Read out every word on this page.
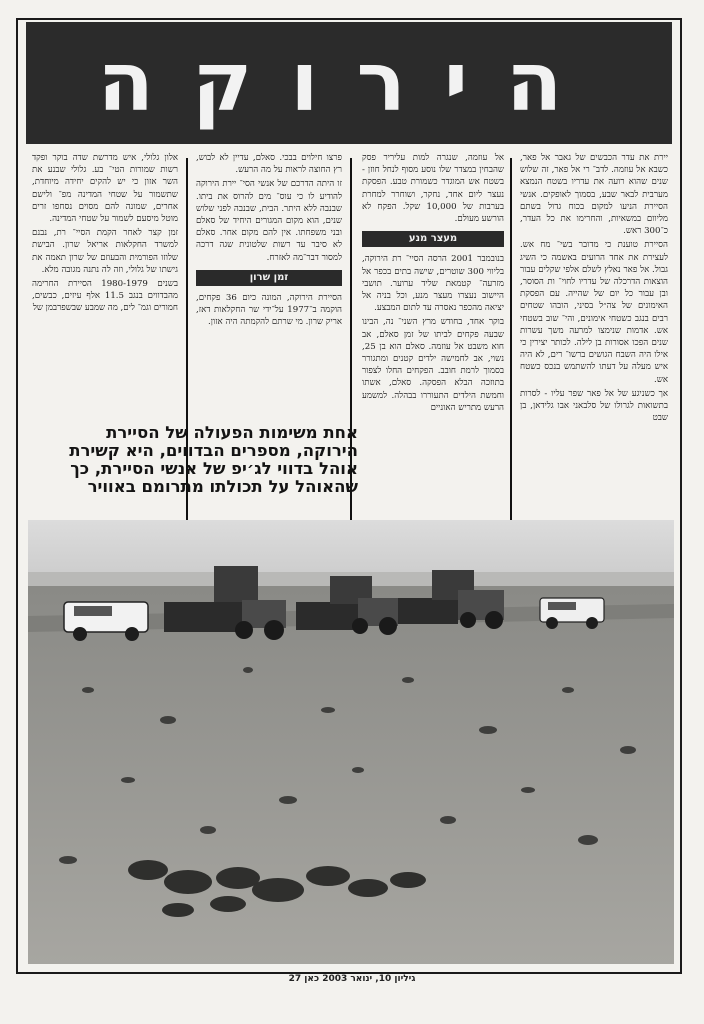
הירוקה

יירת את עדר הכבשים של גאבר אל פאר, כשבא אל עוזמה. לדב־ רי אל פאר, זה שלוש שנים שהוא רועה את עדריו בשטח הנמצא מערבית לבאר שבע, בסמוך לאופקים. אנשי הסיירת הניעו למקום בכוח גדול בשתם מליוום במשאיות, והחרימו את כל העדר, כ־300 ראש.

הסיירת טוענת כי מדובר בשי־ מח אש. לעצירת את אחד הרועים באשמה כי השיג גבול. אל פאר נאלץ לשלם אלפי שקלים עבור הוצאות הדרכלה של עדריו לחוי־ ות הסוסר, ובן עבור כל יום של שהייה. עם הפסקת האימונים של צה״ל בסיני, הובהו שטחים רבים בנגב כשטחי אימונים, והי־ שוב בשטחי אש. אדמות שנימצו למרעה משך עשרות שנים הפכו אסורות בן לילה. לכותר יצירין כי אילו היה השבח הגושים ברשו־ רים, לא היה איש מעלה על דעתו להשתמש בנכס כשטח אש.

אך כשניגע של אל פאר שפר עליו - לסרות בתשואות לגרולו של סלבאני אבו גלידאן, בן שבט

אל עוזמה, שנגרה למות עליריר פסק שהבחין במצדר שלו נוסע מסוף לנחל חוזן - בשטח אש המוגדר כשמורת טבע. הפסקת נעצר ליום אחד, נחקר, ושוחרר למחרת בערבות של 10,000 שקל. הפקח לא הורשע מעולם.

מעצר מנע

בנובמבר 2001 הרסה הסיי־ רת הירוקה, בליווי 300 שוטרים, שישה בתים בכפר אל מזרעה־ קטמאת שליד ערוער. תושבי היישוב נעצרו מעצר מנע, וכל בניה אל יציאה מהכפר נאסרה עד לתום המבצע.

בוקר אחד, בחודש מרץ השני־ נה, הבינו שבעה פקחים לביתו של זמן סאלם, אב חוא משבט אל עוזמה. סאלם הוא בן 25, נשוי, אב לחמישה ילדים קטנים ומתגורר בסמוך לרמת חובב. הפקחים החלו לצפור בתוזכה הבלא הפסקה. סאלם, אשתו וחמשת הילדים התעוררו בבהלה. למשמע הרעש מתריש האוניים

פרצו חילוים בבכי. סאלם, עדיין לא לבוש, רץ החוצה לראות על מה הרעש.

זו היתה הדרכם של אנשי הסי־ יירת הירוקה להודיע לו כי עוס־ מים להרוס את ביתו. שבנבה ללא היתר. הבית, שבנבה לפני שלוש שנים, הוא מקום המגורים היחיד של סאלם ובני משפחתו. אין להם מקום אחר. סאלם לא סיבר עד רשות שלטונית שגה דרכה למסור דבר־מה לאזרח.

זמן שרון

הסיירת הירוקה, המונה כיום 36 פקחים, הוקמה ב־1977 על־ידי שר החקלאות דאז, אריק שרון. מי שרתם להקמתה היה אזון.

אלון גלולי, איש מדרשת שדה בוקר ופקד רשות שמורות הטי־ בע. גלולי שבנע את השר אזון כי יש להקים יחידה מיוחדת, שתשמור על שטחי המדינה מפ־ ולישם אחרים, שמונה להם מסוים נסחפו זרים מוטל מיסעם לשמור על שטחי המדינה.

זמן קצר לאחר הקמת הסיי־ רת, נבנם למשרד החקלאות אריאל שרון. הבישת שלוזו הפורמית והבעוזם של שרון תאמה את גישתו של גלולי, וזה לה נתנה מגובה מלא.

בשנים 1980-1979 הסיירת החרימה מהבדווים בנגב 11.5 אלף עיזים, כבשים, חמורים וגמ־ לים, מה שמבע שבשפרבמן של

אחת משימות הפעולה של הסיירת הירוקה, מספרים הבדווים, היא קשירת אוהל בדווי לג׳יפ של אנשי הסיירת, כך שהאוהל על תכולתו מתרומם באוויר
גיליון 10, ינואר 2003 כאן 27
